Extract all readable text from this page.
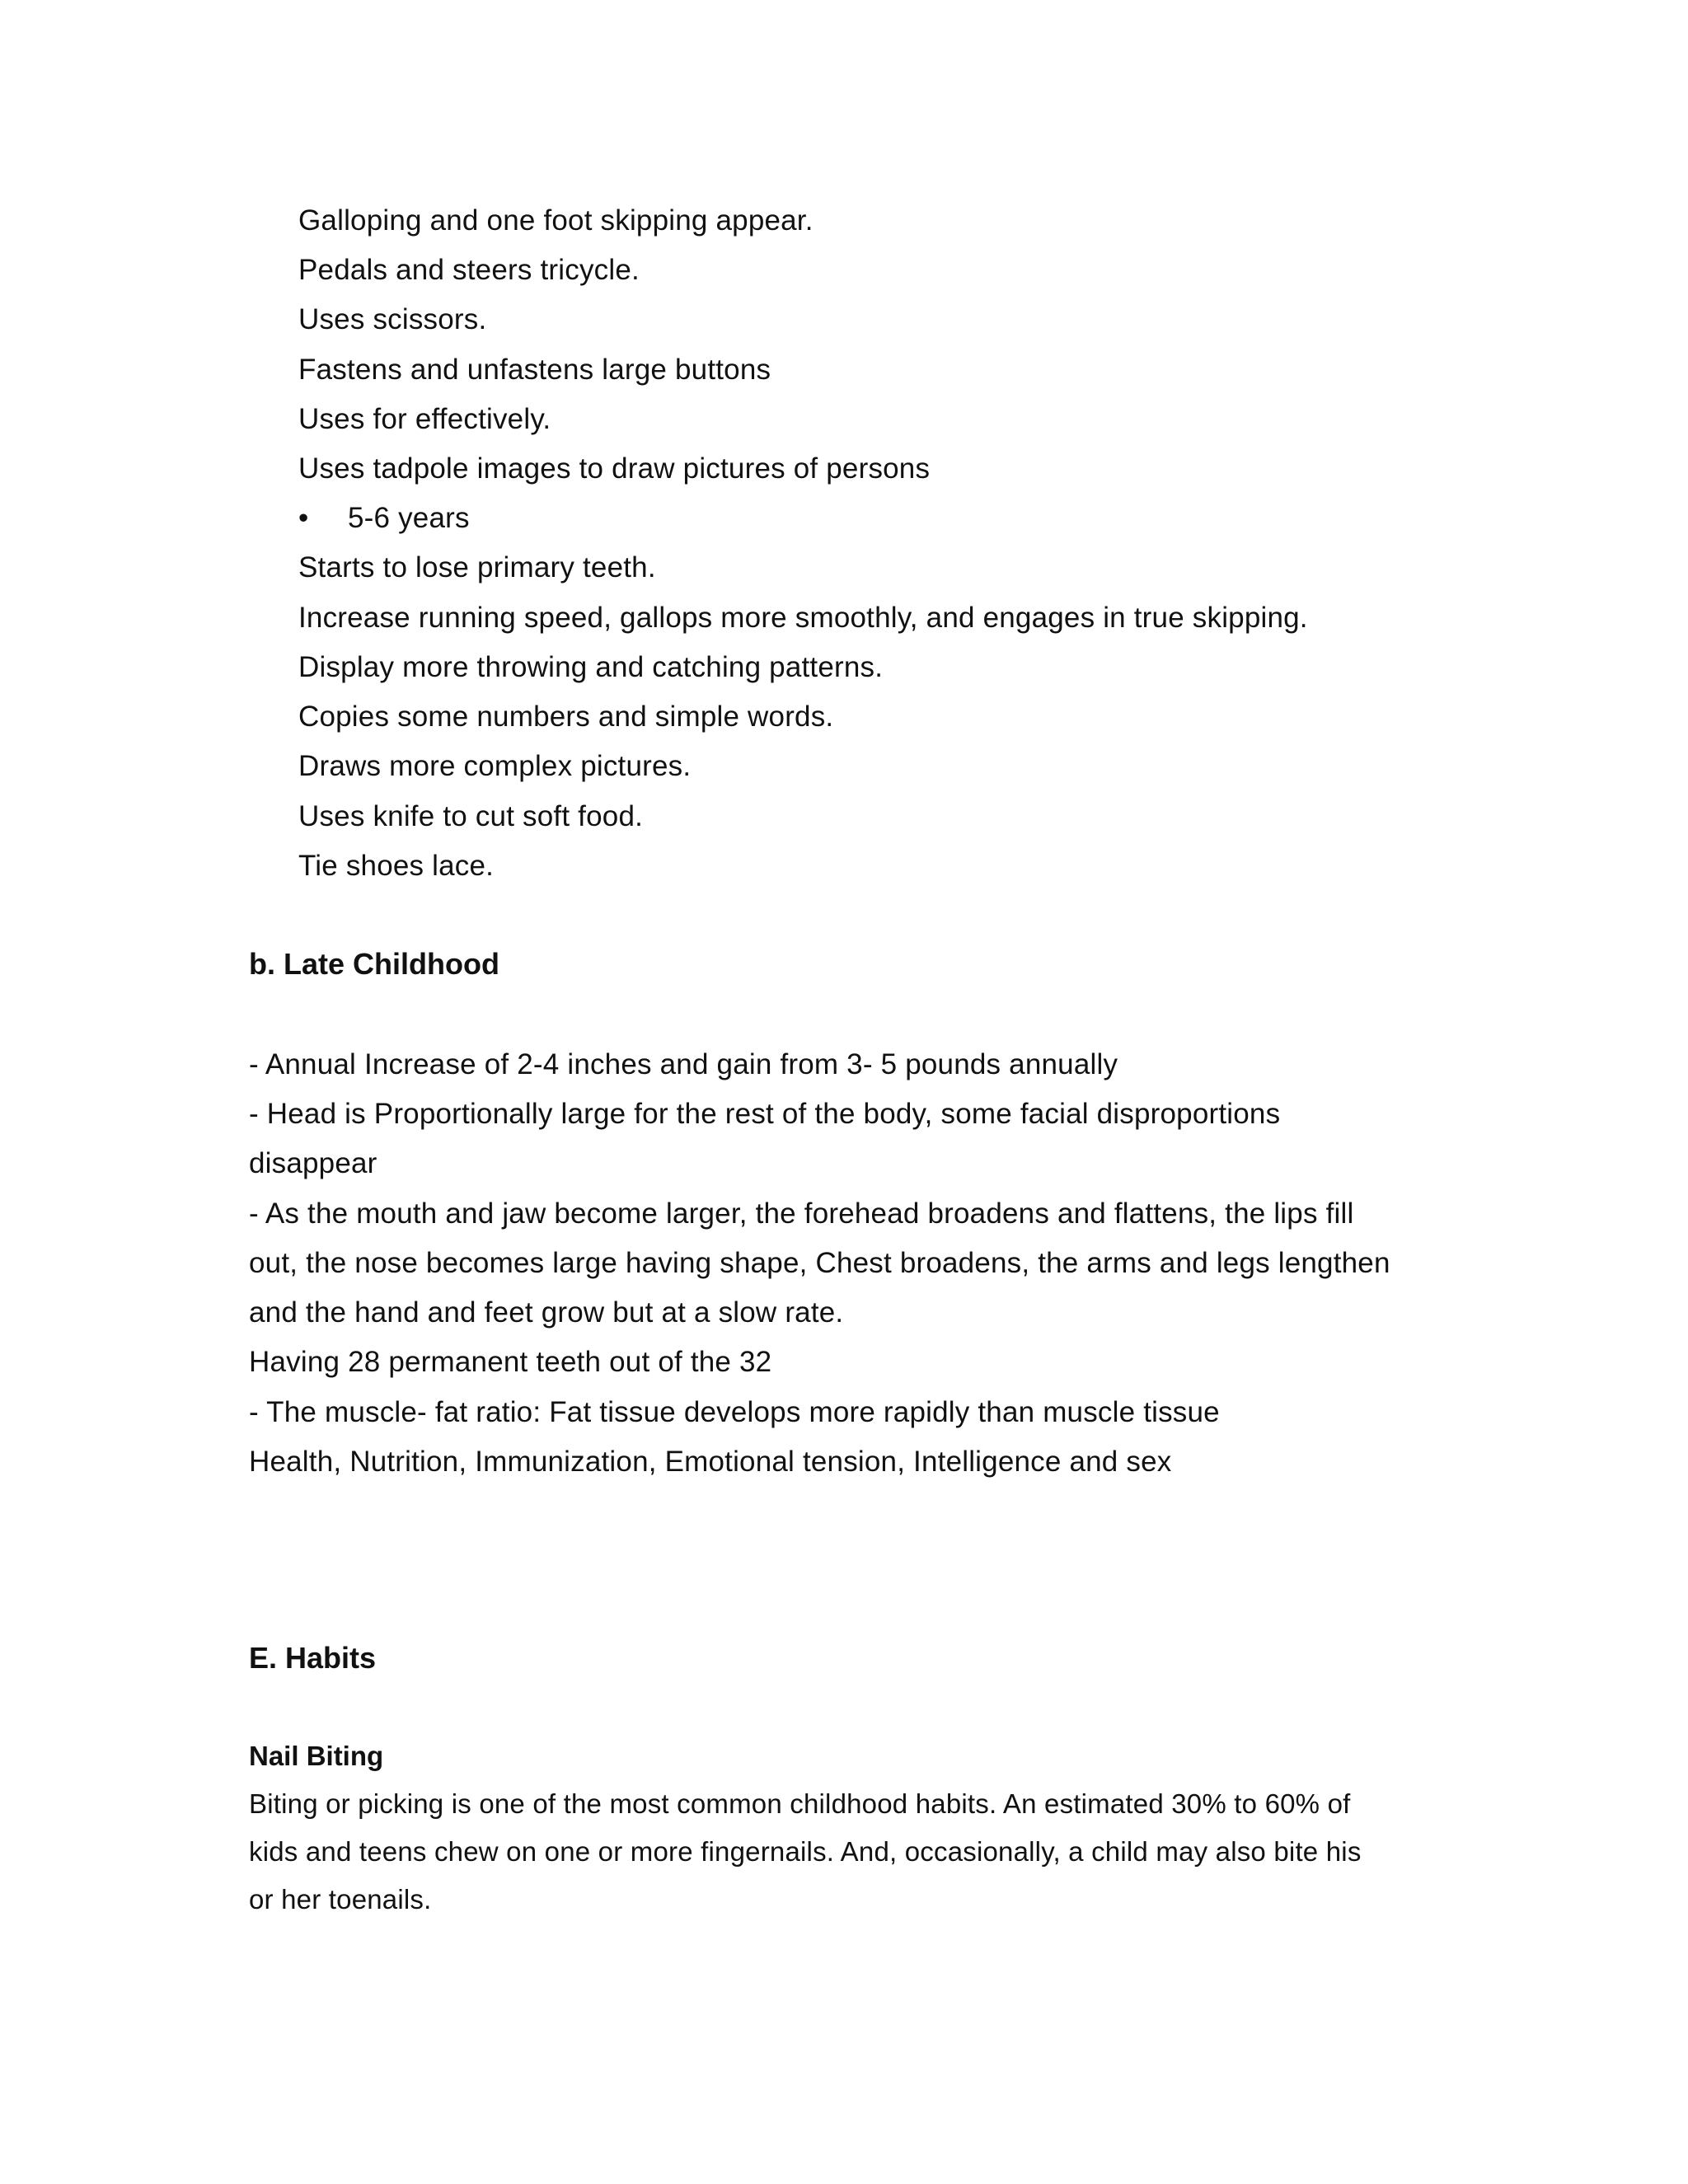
Galloping and one foot skipping appear.
Pedals and steers tricycle.
Uses scissors.
Fastens and unfastens large buttons
Uses for effectively.
Uses tadpole images to draw pictures of persons
• 5-6 years
Starts to lose primary teeth.
Increase running speed, gallops more smoothly, and engages in true skipping.
Display more throwing and catching patterns.
Copies some numbers and simple words.
Draws more complex pictures.
Uses knife to cut soft food.
Tie shoes lace.
b. Late Childhood
- Annual Increase of 2-4 inches and gain from 3- 5 pounds annually
- Head is Proportionally large for the rest of the body, some facial disproportions
disappear
- As the mouth and jaw become larger, the forehead broadens and flattens, the lips fill
out, the nose becomes large having shape, Chest broadens, the arms and legs lengthen
and the hand and feet grow but at a slow rate.
Having 28 permanent teeth out of the 32
- The muscle- fat ratio: Fat tissue develops more rapidly than muscle tissue
Health, Nutrition, Immunization, Emotional tension, Intelligence and sex
E. Habits
Nail Biting
Biting or picking is one of the most common childhood habits. An estimated 30% to 60% of
kids and teens chew on one or more fingernails. And, occasionally, a child may also bite his
or her toenails.
